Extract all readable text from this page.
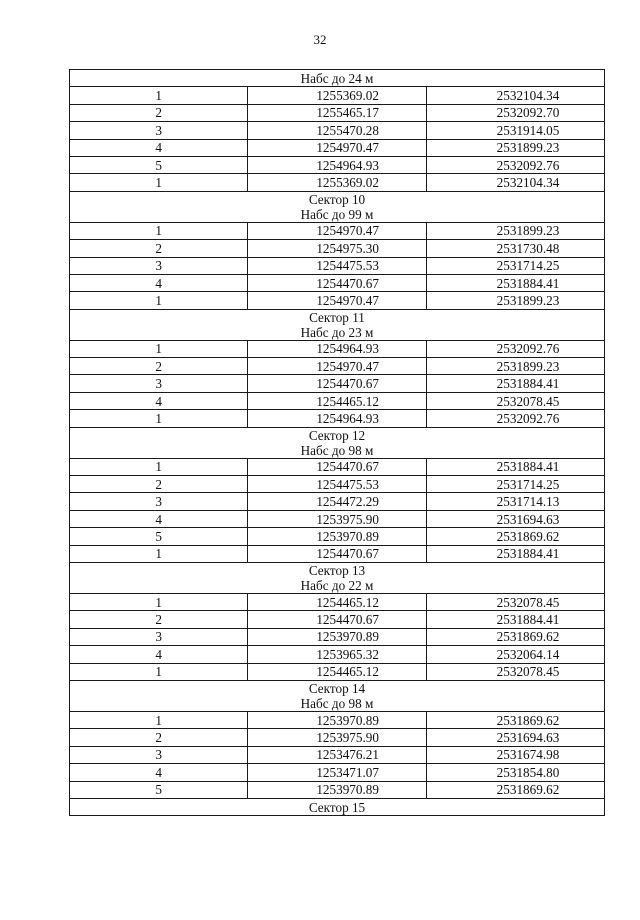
32
Набс до 24 м		

1	1255369.02	2532104.34
2	1255465.17	2532092.70
3	1255470.28	2531914.05
4	1254970.47	2531899.23
5	1254964.93	2532092.76
1	1255369.02	2532104.34

Сектор 10
Набс до 99 м		

1	1254970.47	2531899.23
2	1254975.30	2531730.48
3	1254475.53	2531714.25
4	1254470.67	2531884.41
1	1254970.47	2531899.23

Сектор 11
Набс до 23 м		

1	1254964.93	2532092.76
2	1254970.47	2531899.23
3	1254470.67	2531884.41
4	1254465.12	2532078.45
1	1254964.93	2532092.76

Сектор 12
Набс до 98 м		

1	1254470.67	2531884.41
2	1254475.53	2531714.25
3	1254472.29	2531714.13
4	1253975.90	2531694.63
5	1253970.89	2531869.62
1	1254470.67	2531884.41

Сектор 13
Набс до 22 м		

1	1254465.12	2532078.45
2	1254470.67	2531884.41
3	1253970.89	2531869.62
4	1253965.32	2532064.14
1	1254465.12	2532078.45

Сектор 14
Набс до 98 м		

1	1253970.89	2531869.62
2	1253975.90	2531694.63
3	1253476.21	2531674.98
4	1253471.07	2531854.80
5	1253970.89	2531869.62

Сектор 15		
